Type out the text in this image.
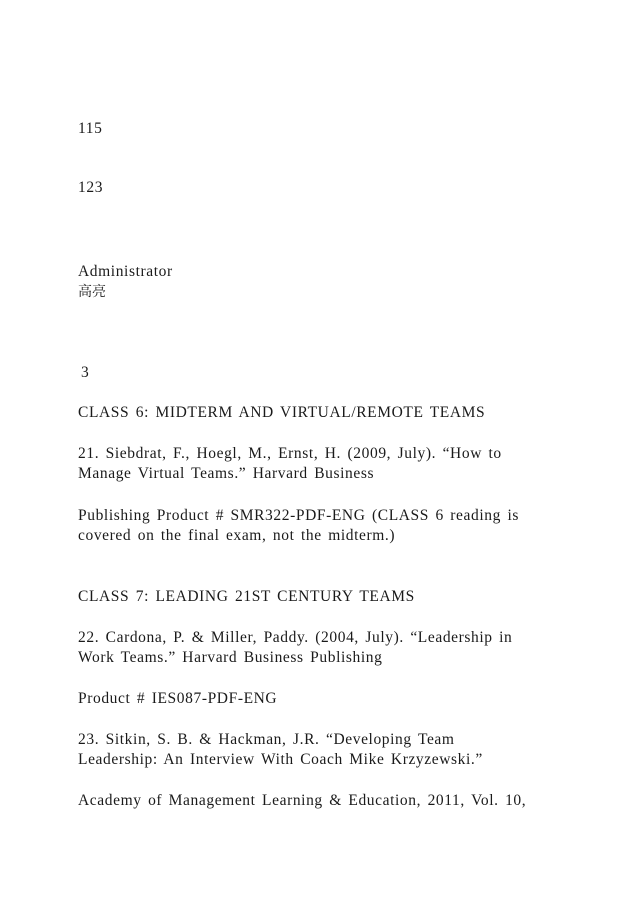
115
123
Administrator
高亮
3
CLASS 6: MIDTERM AND VIRTUAL/REMOTE TEAMS
21. Siebdrat, F., Hoegl, M., Ernst, H. (2009, July). “How to
Manage Virtual Teams.” Harvard Business
Publishing Product # SMR322-PDF-ENG (CLASS 6 reading is
covered on the final exam, not the midterm.)
CLASS 7: LEADING 21ST CENTURY TEAMS
22. Cardona, P. & Miller, Paddy. (2004, July). “Leadership in
Work Teams.” Harvard Business Publishing
Product # IES087-PDF-ENG
23. Sitkin, S. B. & Hackman, J.R. “Developing Team
Leadership: An Interview With Coach Mike Krzyzewski.”
Academy of Management Learning & Education, 2011, Vol. 10,
